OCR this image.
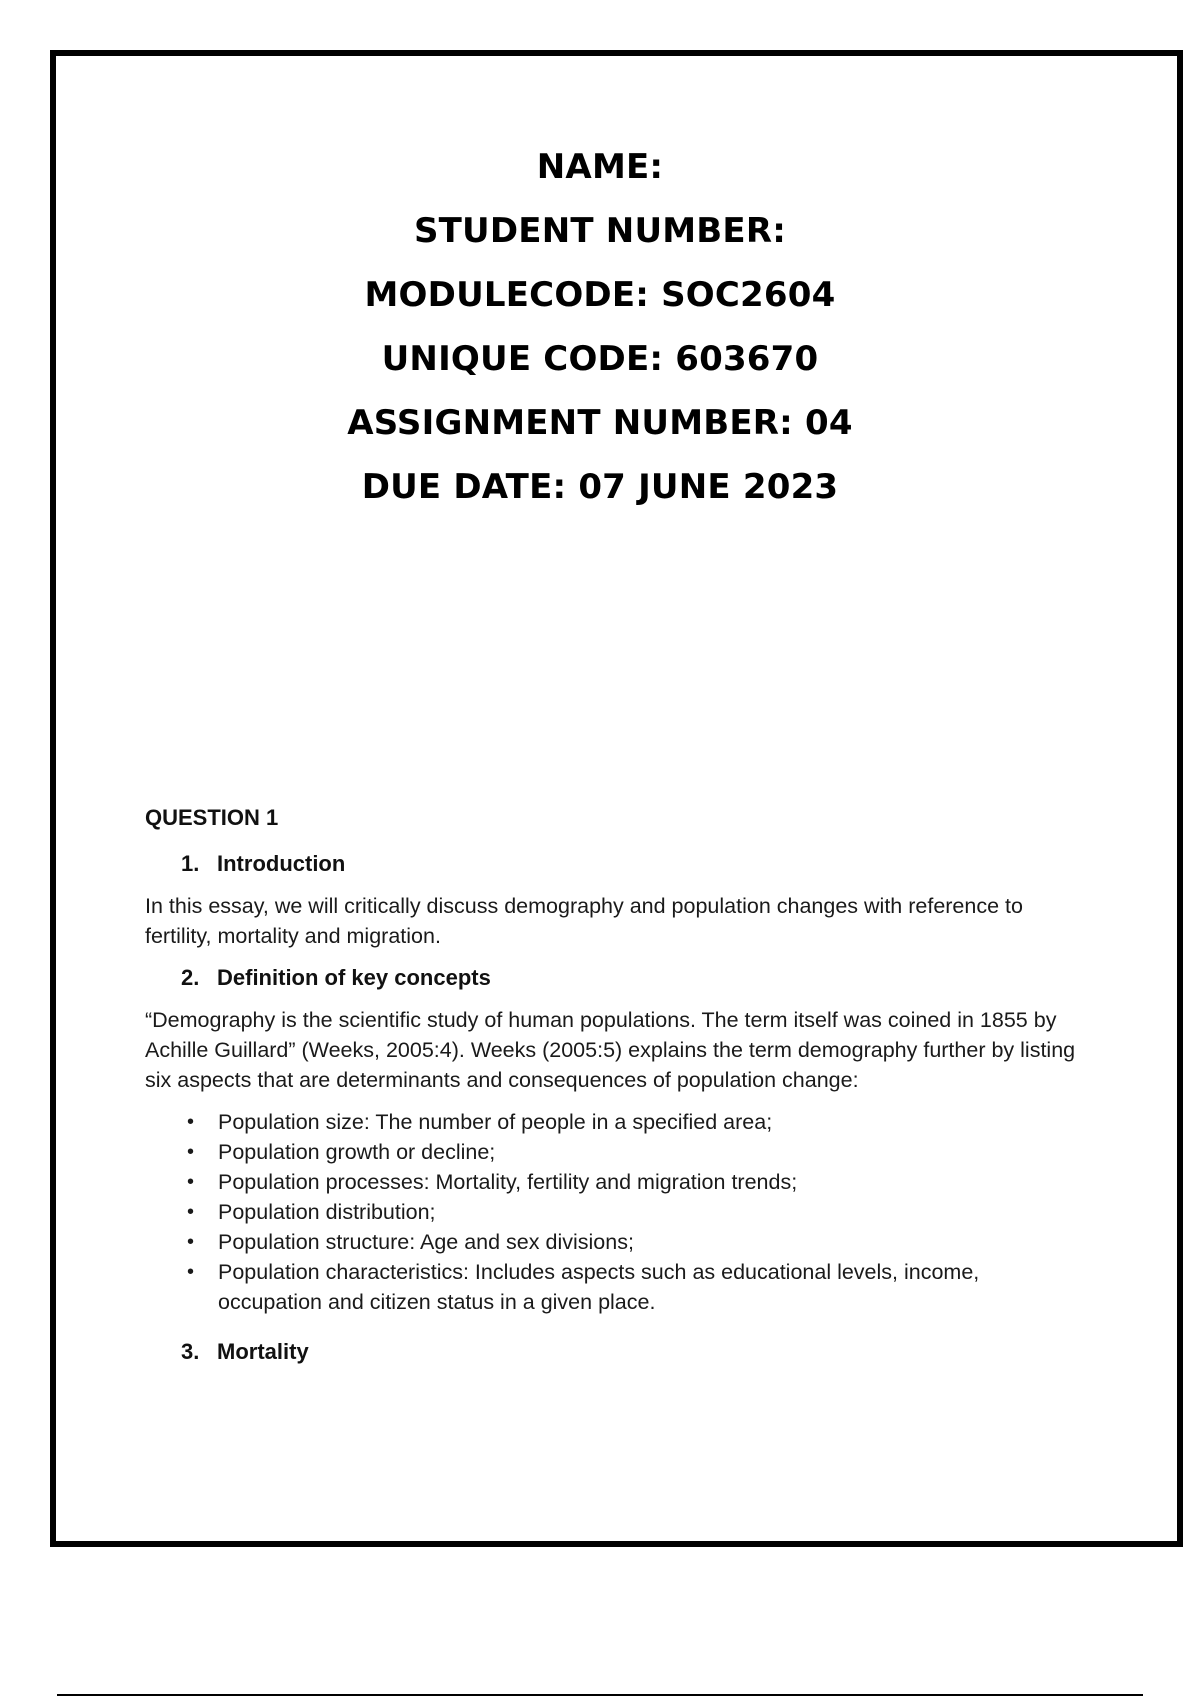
NAME:
STUDENT NUMBER:
MODULECODE: SOC2604
UNIQUE CODE: 603670
ASSIGNMENT NUMBER: 04
DUE DATE: 07 JUNE 2023
QUESTION 1
1. Introduction

In this essay, we will critically discuss demography and population changes with reference to fertility, mortality and migration.

2. Definition of key concepts

“Demography is the scientific study of human populations. The term itself was coined in 1855 by Achille Guillard” (Weeks, 2005:4). Weeks (2005:5) explains the term demography further by listing six aspects that are determinants and consequences of population change:

• Population size: The number of people in a specified area;
• Population growth or decline;
• Population processes: Mortality, fertility and migration trends;
• Population distribution;
• Population structure: Age and sex divisions;
• Population characteristics: Includes aspects such as educational levels, income, occupation and citizen status in a given place.
3. Mortality
